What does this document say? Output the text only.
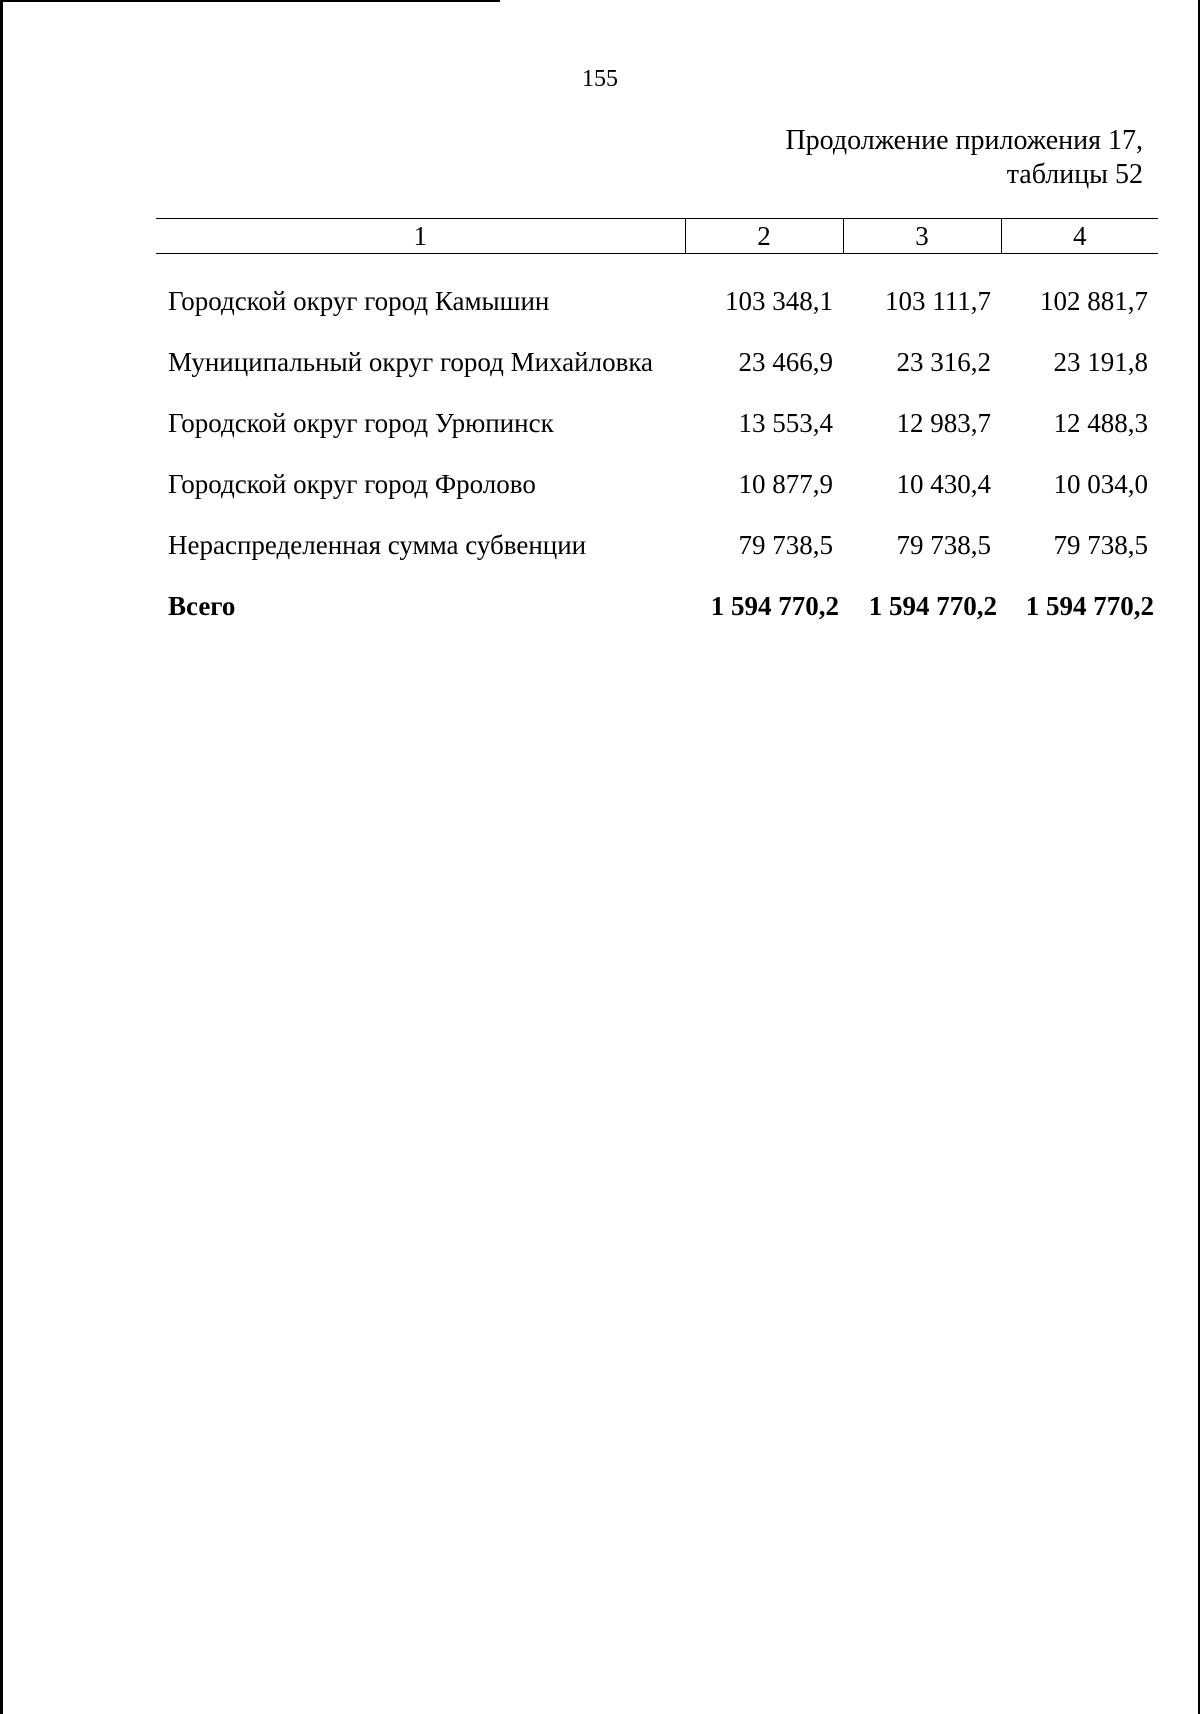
155
Продолжение приложения 17,
таблицы 52
1	2	3	4

Городской округ город Камышин	103 348,1	103 111,7	102 881,7

Муниципальный округ город Михайловка	23 466,9	23 316,2	23 191,8

Городской округ город Урюпинск	13 553,4	12 983,7	12 488,3

Городской округ город Фролово	10 877,9	10 430,4	10 034,0

Нераспределенная сумма субвенции	79 738,5	79 738,5	79 738,5

Всего	1 594 770,2	1 594 770,2	1 594 770,2
